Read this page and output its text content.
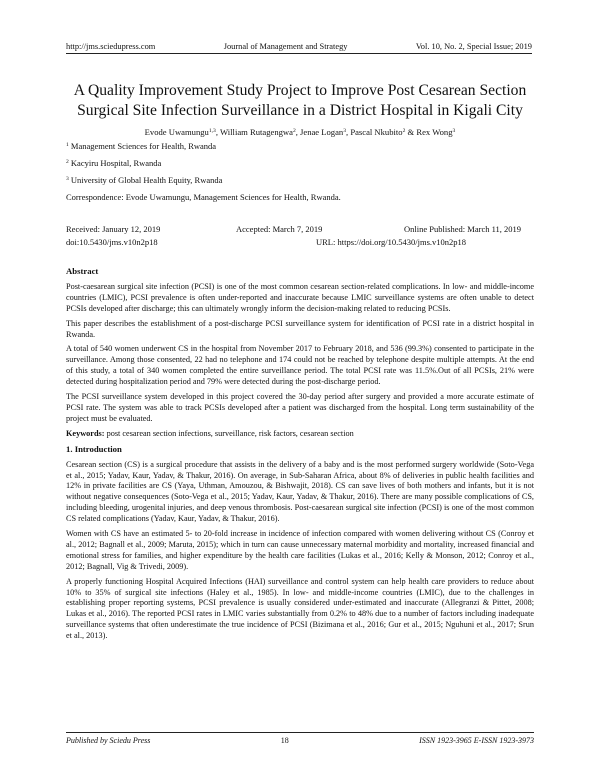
http://jms.sciedupress.com	Journal of Management and Strategy	Vol. 10, No. 2, Special Issue; 2019
A Quality Improvement Study Project to Improve Post Cesarean Section Surgical Site Infection Surveillance in a District Hospital in Kigali City
Evode Uwamungu$^{1,3}$, William Rutagengwa$^2$, Jenae Logan$^3$, Pascal Nkubito$^2$ & Rex Wong$^3$
$^1$ Management Sciences for Health, Rwanda
$^2$ Kacyiru Hospital, Rwanda
$^3$ University of Global Health Equity, Rwanda
Correspondence: Evode Uwamungu, Management Sciences for Health, Rwanda.
Received: January 12, 2019	Accepted: March 7, 2019	Online Published: March 11, 2019
doi:10.5430/jms.v10n2p18	URL: https://doi.org/10.5430/jms.v10n2p18
Abstract

Post-caesarean surgical site infection (PCSI) is one of the most common cesarean section-related complications. In low- and middle-income countries (LMIC), PCSI prevalence is often under-reported and inaccurate because LMIC surveillance systems are often unable to detect PCSIs developed after discharge; this can ultimately wrongly inform the decision-making related to reducing PCSIs.

This paper describes the establishment of a post-discharge PCSI surveillance system for identification of PCSI rate in a district hospital in Rwanda.

A total of 540 women underwent CS in the hospital from November 2017 to February 2018, and 536 (99.3%) consented to participate in the surveillance. Among those consented, 22 had no telephone and 174 could not be reached by telephone despite multiple attempts. At the end of this study, a total of 340 women completed the entire surveillance period. The total PCSI rate was 11.5%.Out of all PCSIs, 21% were detected during hospitalization period and 79% were detected during the post-discharge period.

The PCSI surveillance system developed in this project covered the 30-day period after surgery and provided a more accurate estimate of PCSI rate. The system was able to track PCSIs developed after a patient was discharged from the hospital. Long term sustainability of the project must be evaluated.

Keywords: post cesarean section infections, surveillance, risk factors, cesarean section
1. Introduction

Cesarean section (CS) is a surgical procedure that assists in the delivery of a baby and is the most performed surgery worldwide (Soto-Vega et al., 2015; Yadav, Kaur, Yadav, & Thakur, 2016). On average, in Sub-Saharan Africa, about 8% of deliveries in public health facilities and 12% in private facilities are CS (Yaya, Uthman, Amouzou, & Bishwajit, 2018). CS can save lives of both mothers and infants, but it is not without negative consequences (Soto-Vega et al., 2015; Yadav, Kaur, Yadav, & Thakur, 2016). There are many possible complications of CS, including bleeding, urogenital injuries, and deep venous thrombosis. Post-caesarean surgical site infection (PCSI) is one of the most common CS related complications (Yadav, Kaur, Yadav, & Thakur, 2016).

Women with CS have an estimated 5- to 20-fold increase in incidence of infection compared with women delivering without CS (Conroy et al., 2012; Bagnall et al., 2009; Maruta, 2015); which in turn can cause unnecessary maternal morbidity and mortality, increased financial and emotional stress for families, and higher expenditure by the health care facilities (Lukas et al., 2016; Kelly & Monson, 2012; Conroy et al., 2012; Bagnall, Vig & Trivedi, 2009).

A properly functioning Hospital Acquired Infections (HAI) surveillance and control system can help health care providers to reduce about 10% to 35% of surgical site infections (Haley et al., 1985). In low- and middle-income countries (LMIC), due to the challenges in establishing proper reporting systems, PCSI prevalence is usually considered under-estimated and inaccurate (Allegranzi & Pittet, 2008; Lukas et al., 2016). The reported PCSI rates in LMIC varies substantially from 0.2% to 48% due to a number of factors including inadequate surveillance systems that often underestimate the true incidence of PCSI (Bizimana et al., 2016; Gur et al., 2015; Nguhuni et al., 2017; Srun et al., 2013).

Published by Sciedu Press	18	ISSN 1923-3965 E-ISSN 1923-3973
